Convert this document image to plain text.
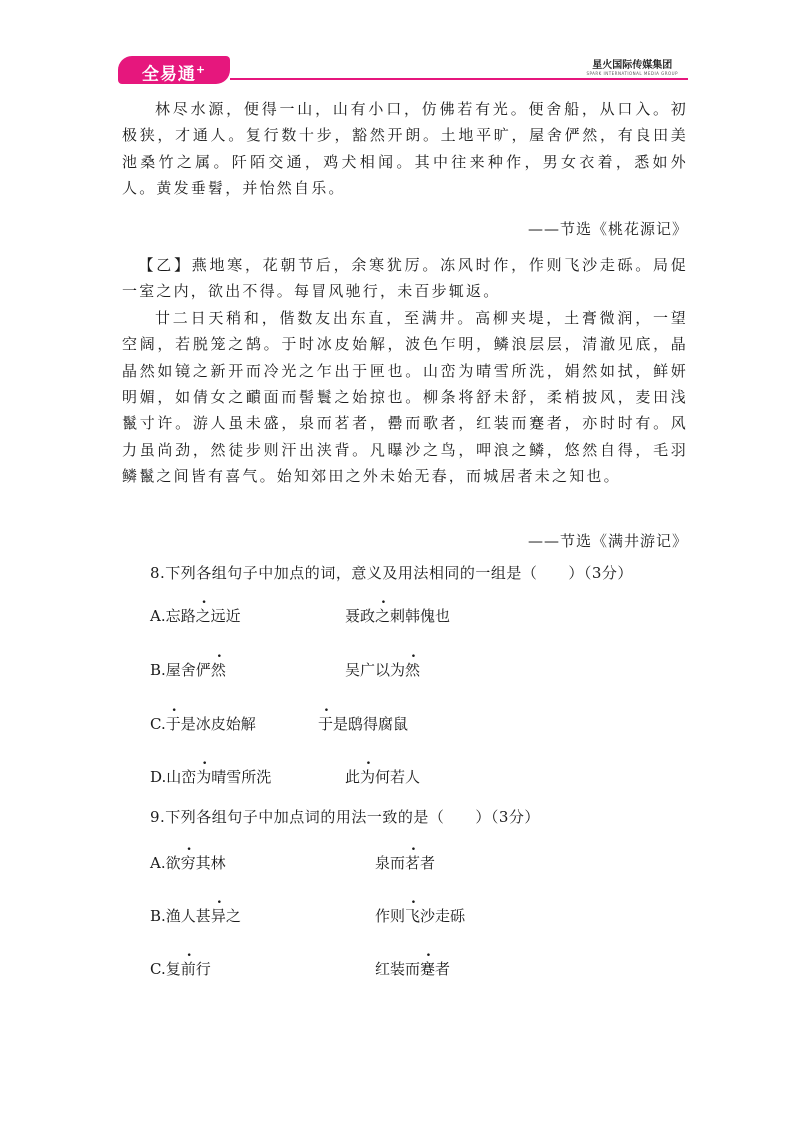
全易通+	星火国际传媒集团
SPARK INTERNATIONAL MEDIA GROUP

林尽水源，便得一山，山有小口，仿佛若有光。便舍船，从口入。初极狭，才通人。复行数十步，豁然开朗。土地平旷，屋舍俨然，有良田美池桑竹之属。阡陌交通，鸡犬相闻。其中往来种作，男女衣着，悉如外人。黄发垂髫，并怡然自乐。

——节选《桃花源记》

【乙】燕地寒，花朝节后，余寒犹厉。冻风时作，作则飞沙走砾。局促一室之内，欲出不得。每冒风驰行，未百步辄返。

廿二日天稍和，偕数友出东直，至满井。高柳夹堤，土膏微润，一望空阔，若脱笼之鹄。于时冰皮始解，波色乍明，鳞浪层层，清澈见底，晶晶然如镜之新开而冷光之乍出于匣也。山峦为晴雪所洗，娟然如拭，鲜妍明媚，如倩女之靧面而髻鬟之始掠也。柳条将舒未舒，柔梢披风，麦田浅鬣寸许。游人虽未盛，泉而茗者，罍而歌者，红装而蹇者，亦时时有。风力虽尚劲，然徒步则汗出浃背。凡曝沙之鸟，呷浪之鳞，悠然自得，毛羽鳞鬣之间皆有喜气。始知郊田之外未始无春，而城居者未之知也。

——节选《满井游记》
8.下列各组句子中加点的词，意义及用法相同的一组是（　　）（3分）
A.忘路之远近	聂政之刺韩傀也
B.屋舍俨然	吴广以为然
C.于是冰皮始解	于是鸱得腐鼠
D.山峦为晴雪所洗	此为何若人
9.下列各组句子中加点词的用法一致的是（　　）（3分）
A.欲穷其林	泉而茗者
B.渔人甚异之	作则飞沙走砾
C.复前行	红装而蹇者
